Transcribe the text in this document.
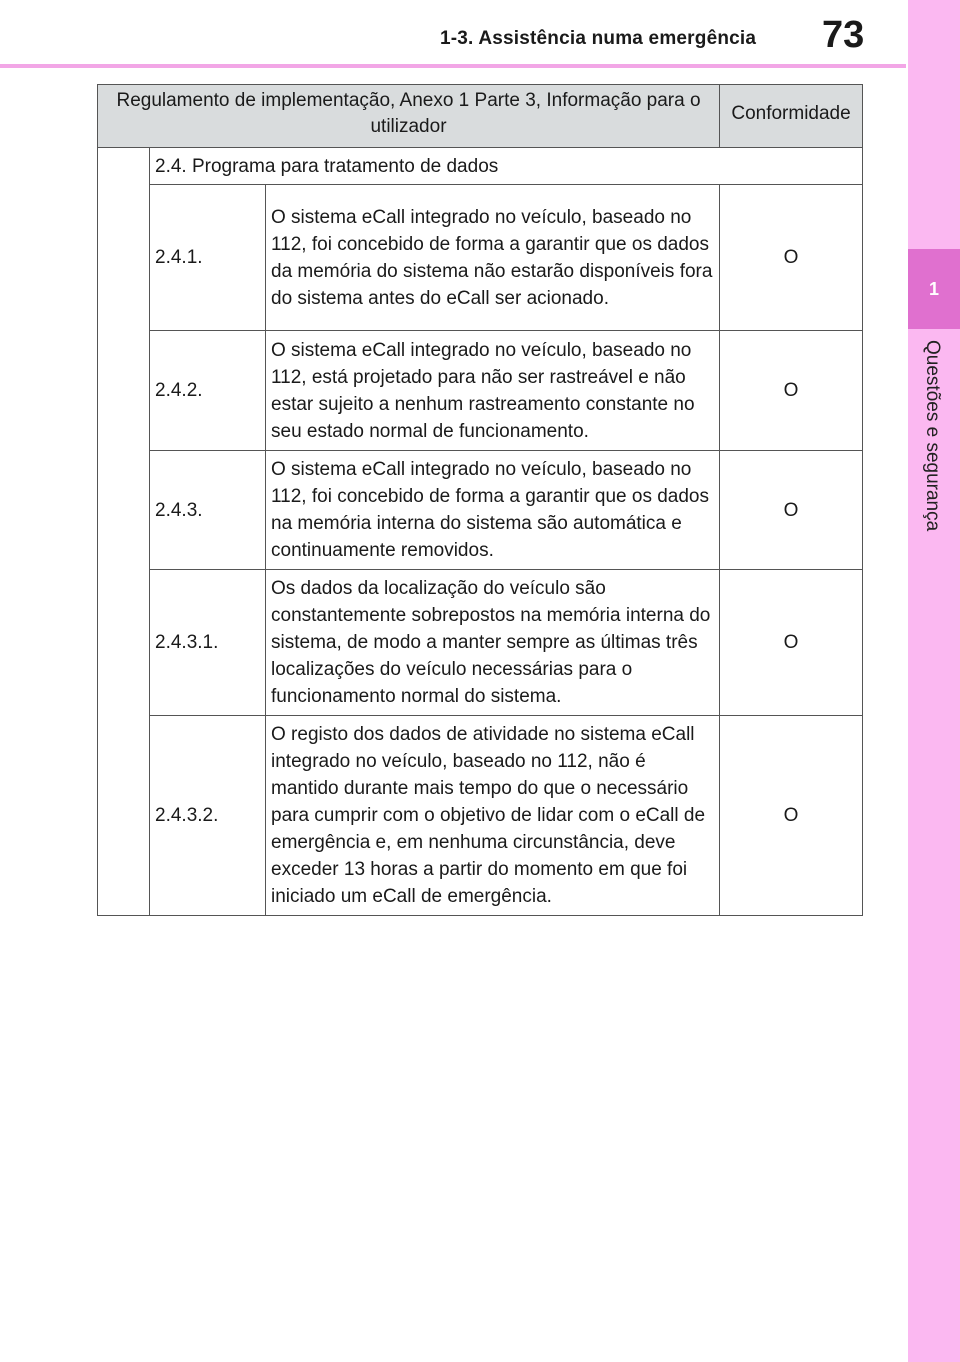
1-3. Assistência numa emergência 73
1
Questões e segurança
Regulamento de implementação, Anexo 1 Parte 3, Informação para o utilizador			Conformidade
	2.4. Programa para tratamento de dados		
	2.4.1.	O sistema eCall integrado no veículo, baseado no 112, foi concebido de forma a garantir que os dados da memória do sistema não estarão disponíveis fora do sistema antes do eCall ser acionado.	O
	2.4.2.	O sistema eCall integrado no veículo, baseado no 112, está projetado para não ser rastreável e não estar sujeito a nenhum rastreamento constante no seu estado normal de funcionamento.	O
	2.4.3.	O sistema eCall integrado no veículo, baseado no 112, foi concebido de forma a garantir que os dados na memória interna do sistema são automática e continuamente removidos.	O
	2.4.3.1.	Os dados da localização do veículo são constantemente sobrepostos na memória interna do sistema, de modo a manter sempre as últimas três localizações do veículo necessárias para o funcionamento normal do sistema.	O
	2.4.3.2.	O registo dos dados de atividade no sistema eCall integrado no veículo, baseado no 112, não é mantido durante mais tempo do que o necessário para cumprir com o objetivo de lidar com o eCall de emergência e, em nenhuma circunstância, deve exceder 13 horas a partir do momento em que foi iniciado um eCall de emergência.	O
